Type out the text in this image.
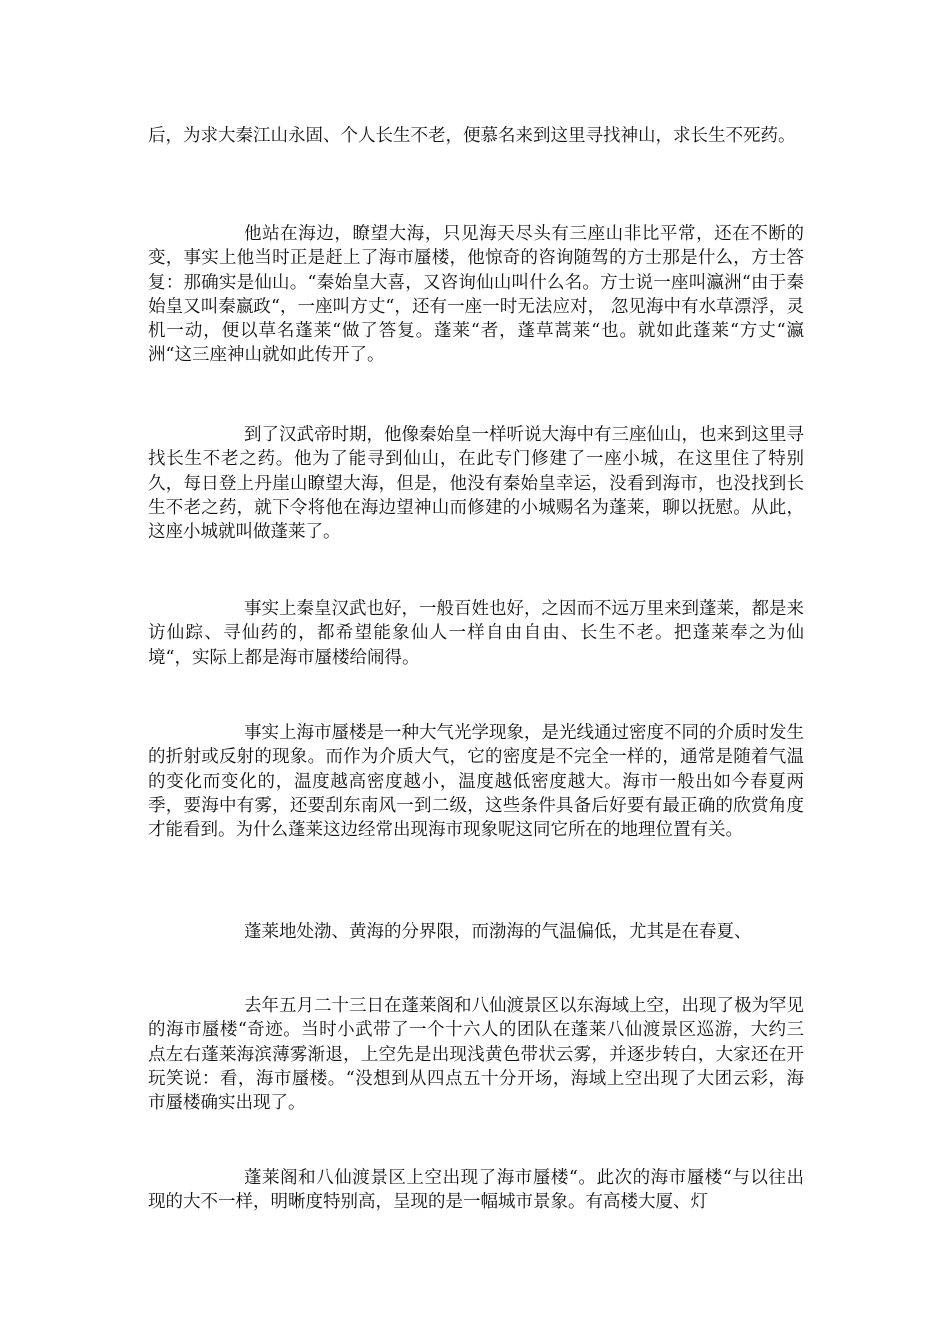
后，为求大秦江山永固、个人长生不老，便慕名来到这里寻找神山，求长生不死药。

他站在海边，瞭望大海，只见海天尽头有三座山非比平常，还在不断的变，事实上他当时正是赶上了海市蜃楼，他惊奇的咨询随驾的方士那是什么，方士答复：那确实是仙山。“秦始皇大喜，又咨询仙山叫什么名。方士说一座叫瀛洲“由于秦始皇又叫秦嬴政“，一座叫方丈“，还有一座一时无法应对， 忽见海中有水草漂浮，灵机一动，便以草名蓬莱“做了答复。蓬莱“者，蓬草蒿莱“也。就如此蓬莱“方丈“瀛洲“这三座神山就如此传开了。

到了汉武帝时期，他像秦始皇一样听说大海中有三座仙山，也来到这里寻找长生不老之药。他为了能寻到仙山，在此专门修建了一座小城，在这里住了特别久，每日登上丹崖山瞭望大海，但是，他没有秦始皇幸运，没看到海市，也没找到长生不老之药，就下令将他在海边望神山而修建的小城赐名为蓬莱，聊以抚慰。从此，这座小城就叫做蓬莱了。

事实上秦皇汉武也好，一般百姓也好，之因而不远万里来到蓬莱，都是来访仙踪、寻仙药的，都希望能象仙人一样自由自由、长生不老。把蓬莱奉之为仙境“，实际上都是海市蜃楼给闹得。

事实上海市蜃楼是一种大气光学现象，是光线通过密度不同的介质时发生的折射或反射的现象。而作为介质大气，它的密度是不完全一样的，通常是随着气温的变化而变化的，温度越高密度越小，温度越低密度越大。海市一般出如今春夏两季，要海中有雾，还要刮东南风一到二级，这些条件具备后好要有最正确的欣赏角度才能看到。为什么蓬莱这边经常出现海市现象呢这同它所在的地理位置有关。

蓬莱地处渤、黄海的分界限，而渤海的气温偏低，尤其是在春夏、

去年五月二十三日在蓬莱阁和八仙渡景区以东海域上空，出现了极为罕见的海市蜃楼“奇迹。当时小武带了一个十六人的团队在蓬莱八仙渡景区巡游，大约三点左右蓬莱海滨薄雾渐退，上空先是出现浅黄色带状云雾，并逐步转白，大家还在开玩笑说：看，海市蜃楼。“没想到从四点五十分开场，海域上空出现了大团云彩，海市蜃楼确实出现了。

蓬莱阁和八仙渡景区上空出现了海市蜃楼“。此次的海市蜃楼“与以往出现的大不一样，明晰度特别高，呈现的是一幅城市景象。有高楼大厦、灯
